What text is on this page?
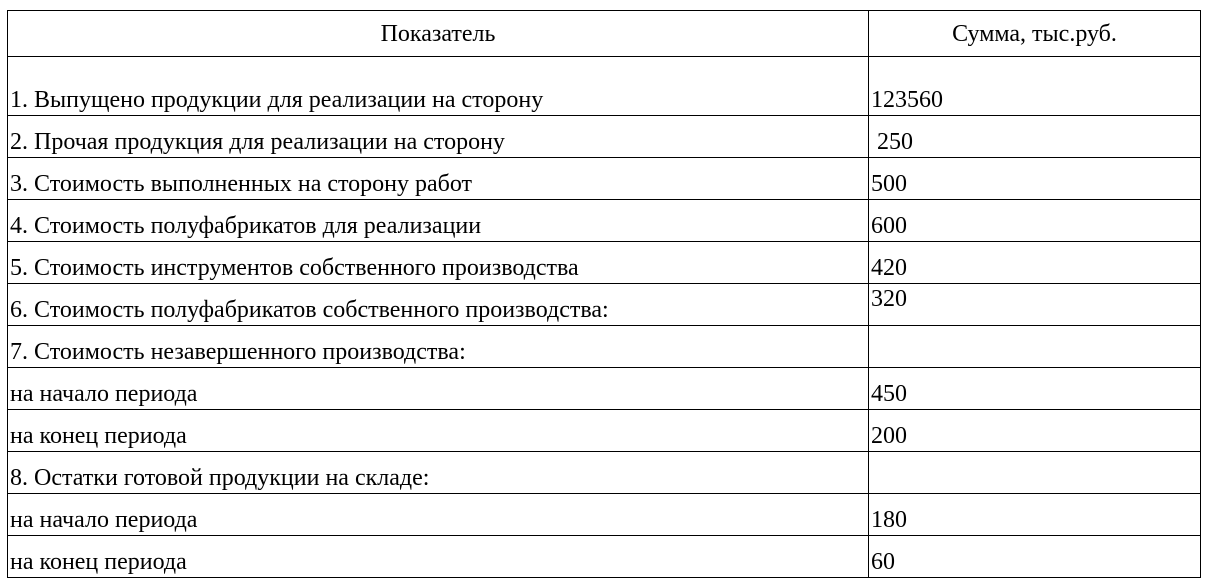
Показатель	Сумма, тыс.руб.
1. Выпущено продукции для реализации на сторону	123560
2. Прочая продукция для реализации на сторону	250
3. Стоимость выполненных на сторону работ	500
4. Стоимость полуфабрикатов для реализации	600
5. Стоимость инструментов собственного производства	420
6. Стоимость полуфабрикатов собственного производства:	320
7. Стоимость незавершенного производства:	
на начало периода	450
на конец периода	200
8. Остатки готовой продукции на складе:	
на начало периода	180
на конец периода	60
